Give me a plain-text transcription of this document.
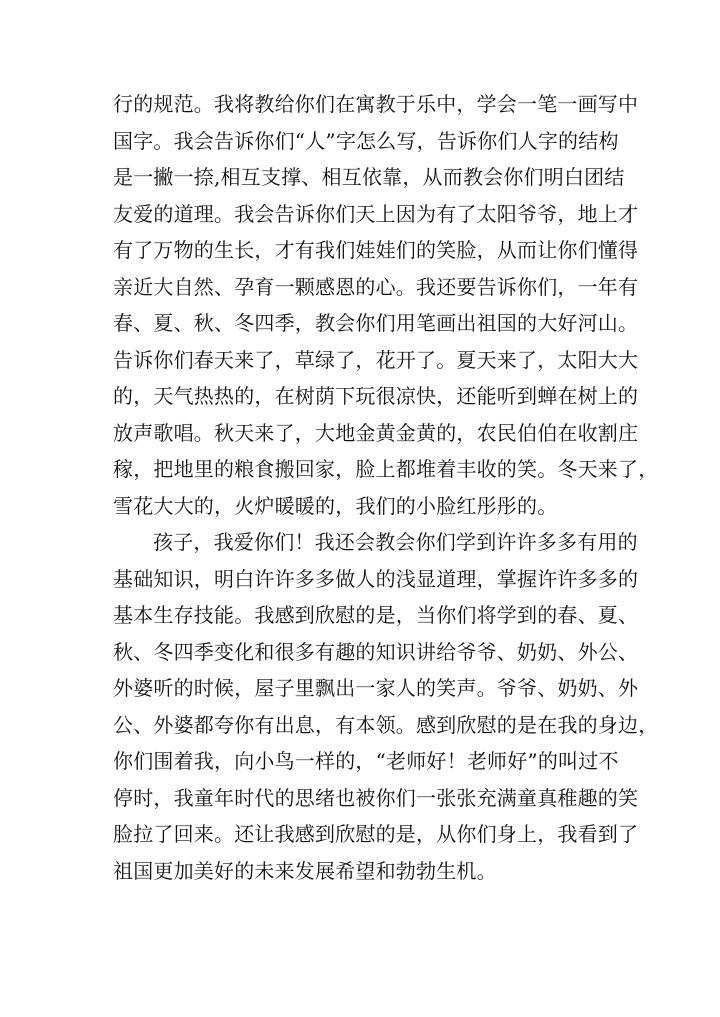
行的规范。我将教给你们在寓教于乐中，学会一笔一画写中
国字。我会告诉你们“人”字怎么写，告诉你们人字的结构
是一撇一捺,相互支撑、相互依靠，从而教会你们明白团结
友爱的道理。我会告诉你们天上因为有了太阳爷爷，地上才
有了万物的生长，才有我们娃娃们的笑脸，从而让你们懂得
亲近大自然、孕育一颗感恩的心。我还要告诉你们，一年有
春、夏、秋、冬四季，教会你们用笔画出祖国的大好河山。
告诉你们春天来了，草绿了，花开了。夏天来了，太阳大大
的，天气热热的，在树荫下玩很凉快，还能听到蝉在树上的
放声歌唱。秋天来了，大地金黄金黄的，农民伯伯在收割庄
稼，把地里的粮食搬回家，脸上都堆着丰收的笑。冬天来了，
雪花大大的，火炉暖暖的，我们的小脸红彤彤的。
孩子，我爱你们！我还会教会你们学到许许多多有用的
基础知识，明白许许多多做人的浅显道理，掌握许许多多的
基本生存技能。我感到欣慰的是，当你们将学到的春、夏、
秋、冬四季变化和很多有趣的知识讲给爷爷、奶奶、外公、
外婆听的时候，屋子里飘出一家人的笑声。爷爷、奶奶、外
公、外婆都夸你有出息，有本领。感到欣慰的是在我的身边，
你们围着我，向小鸟一样的，“老师好！老师好”的叫过不
停时，我童年时代的思绪也被你们一张张充满童真稚趣的笑
脸拉了回来。还让我感到欣慰的是，从你们身上，我看到了
祖国更加美好的未来发展希望和勃勃生机。
